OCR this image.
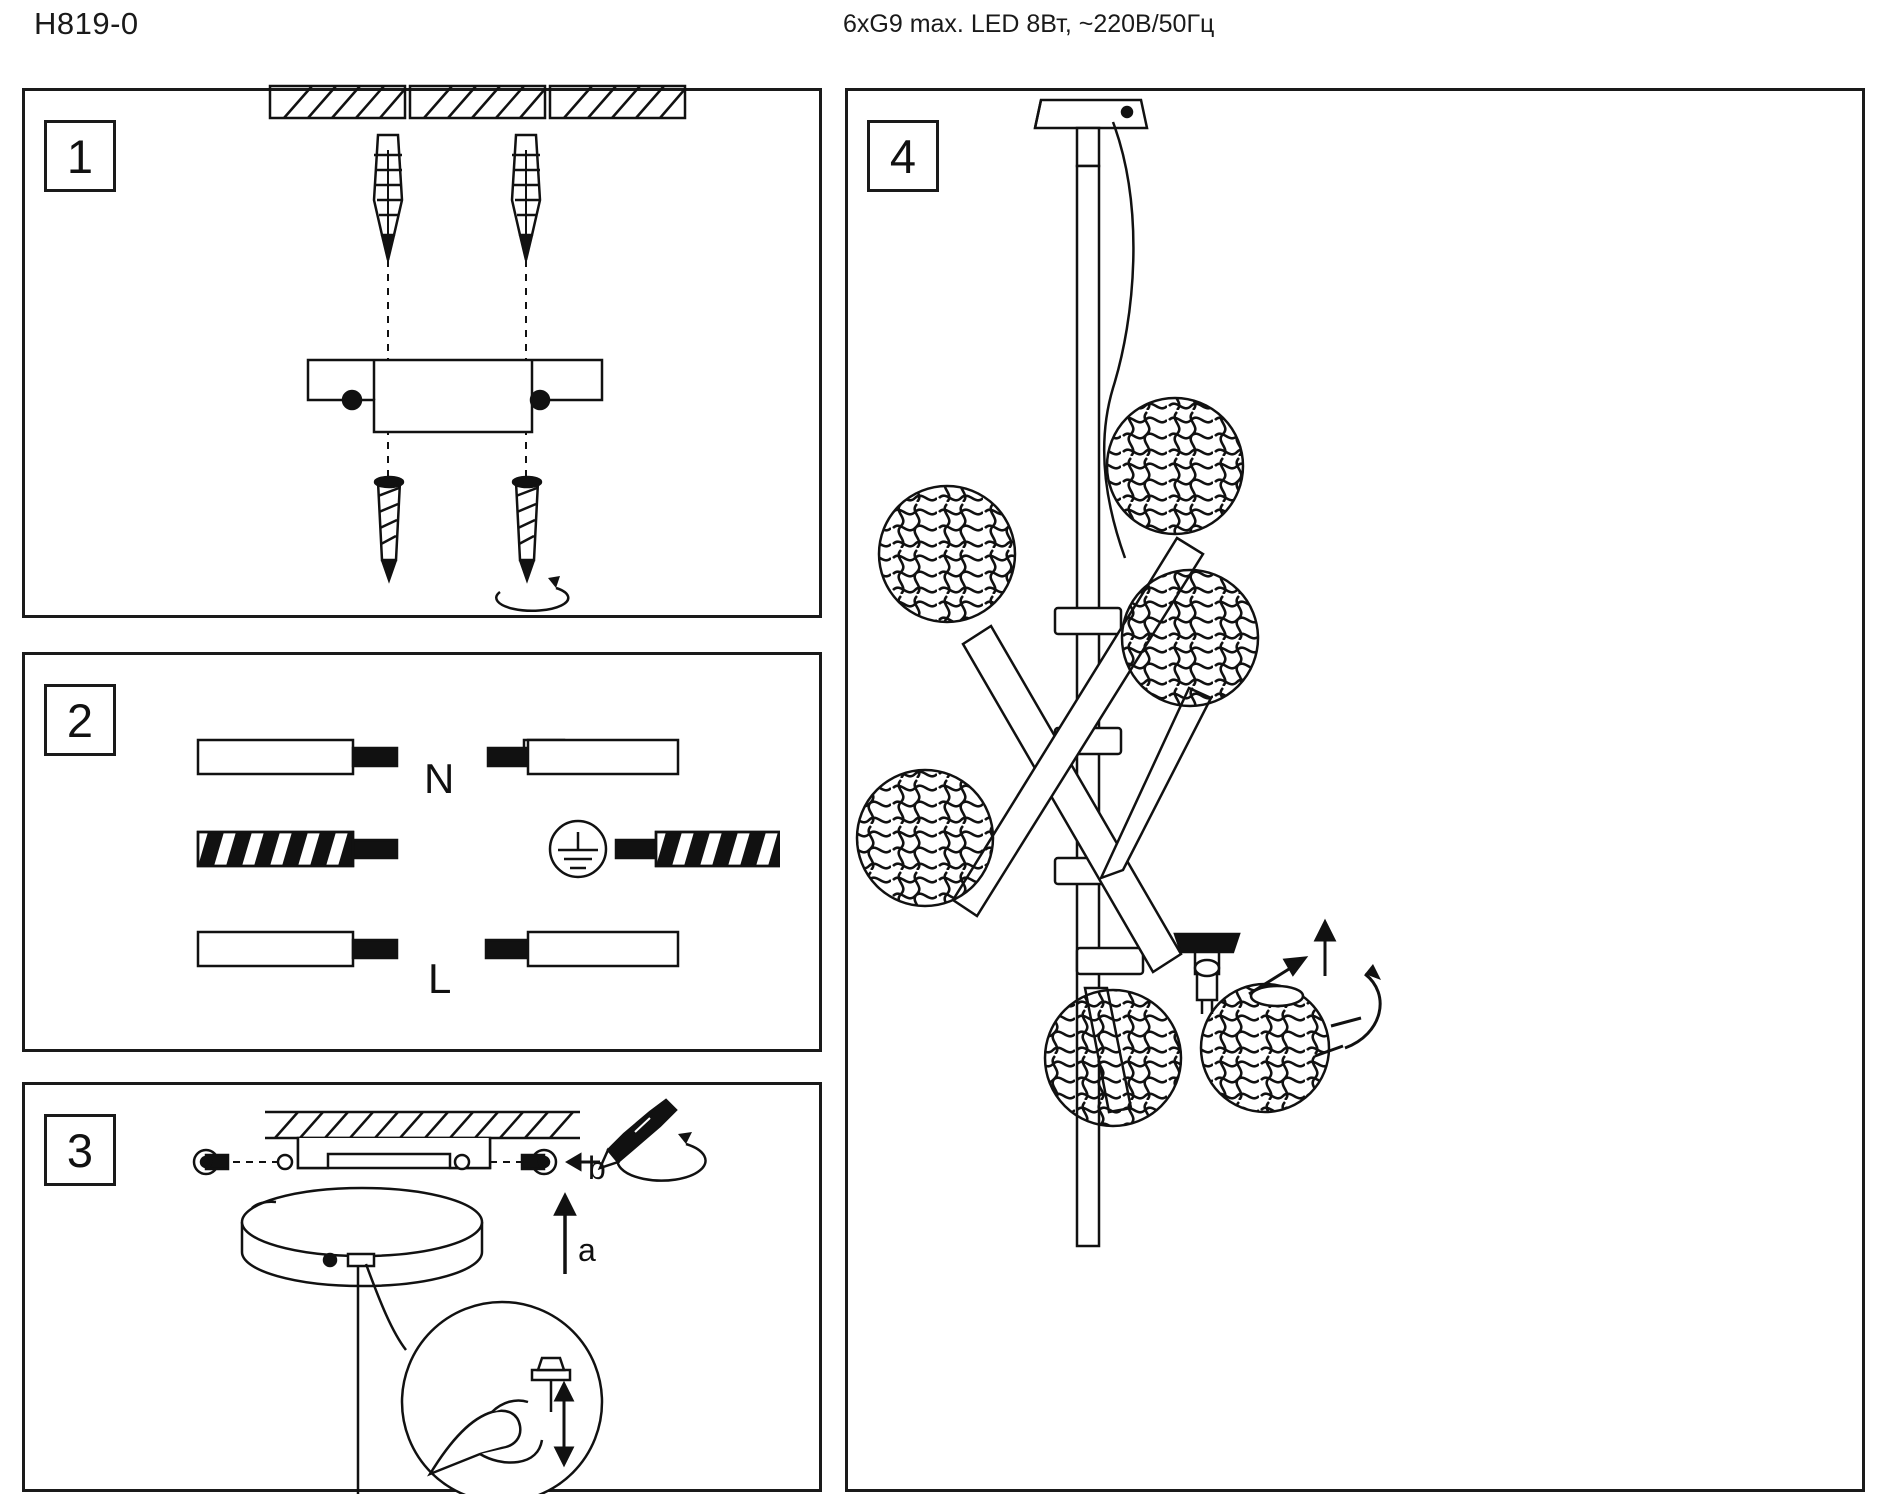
H819-0	6xG9 max. LED 8Вт, ~220В/50Гц
1
2
N
L
3
a
b
4
